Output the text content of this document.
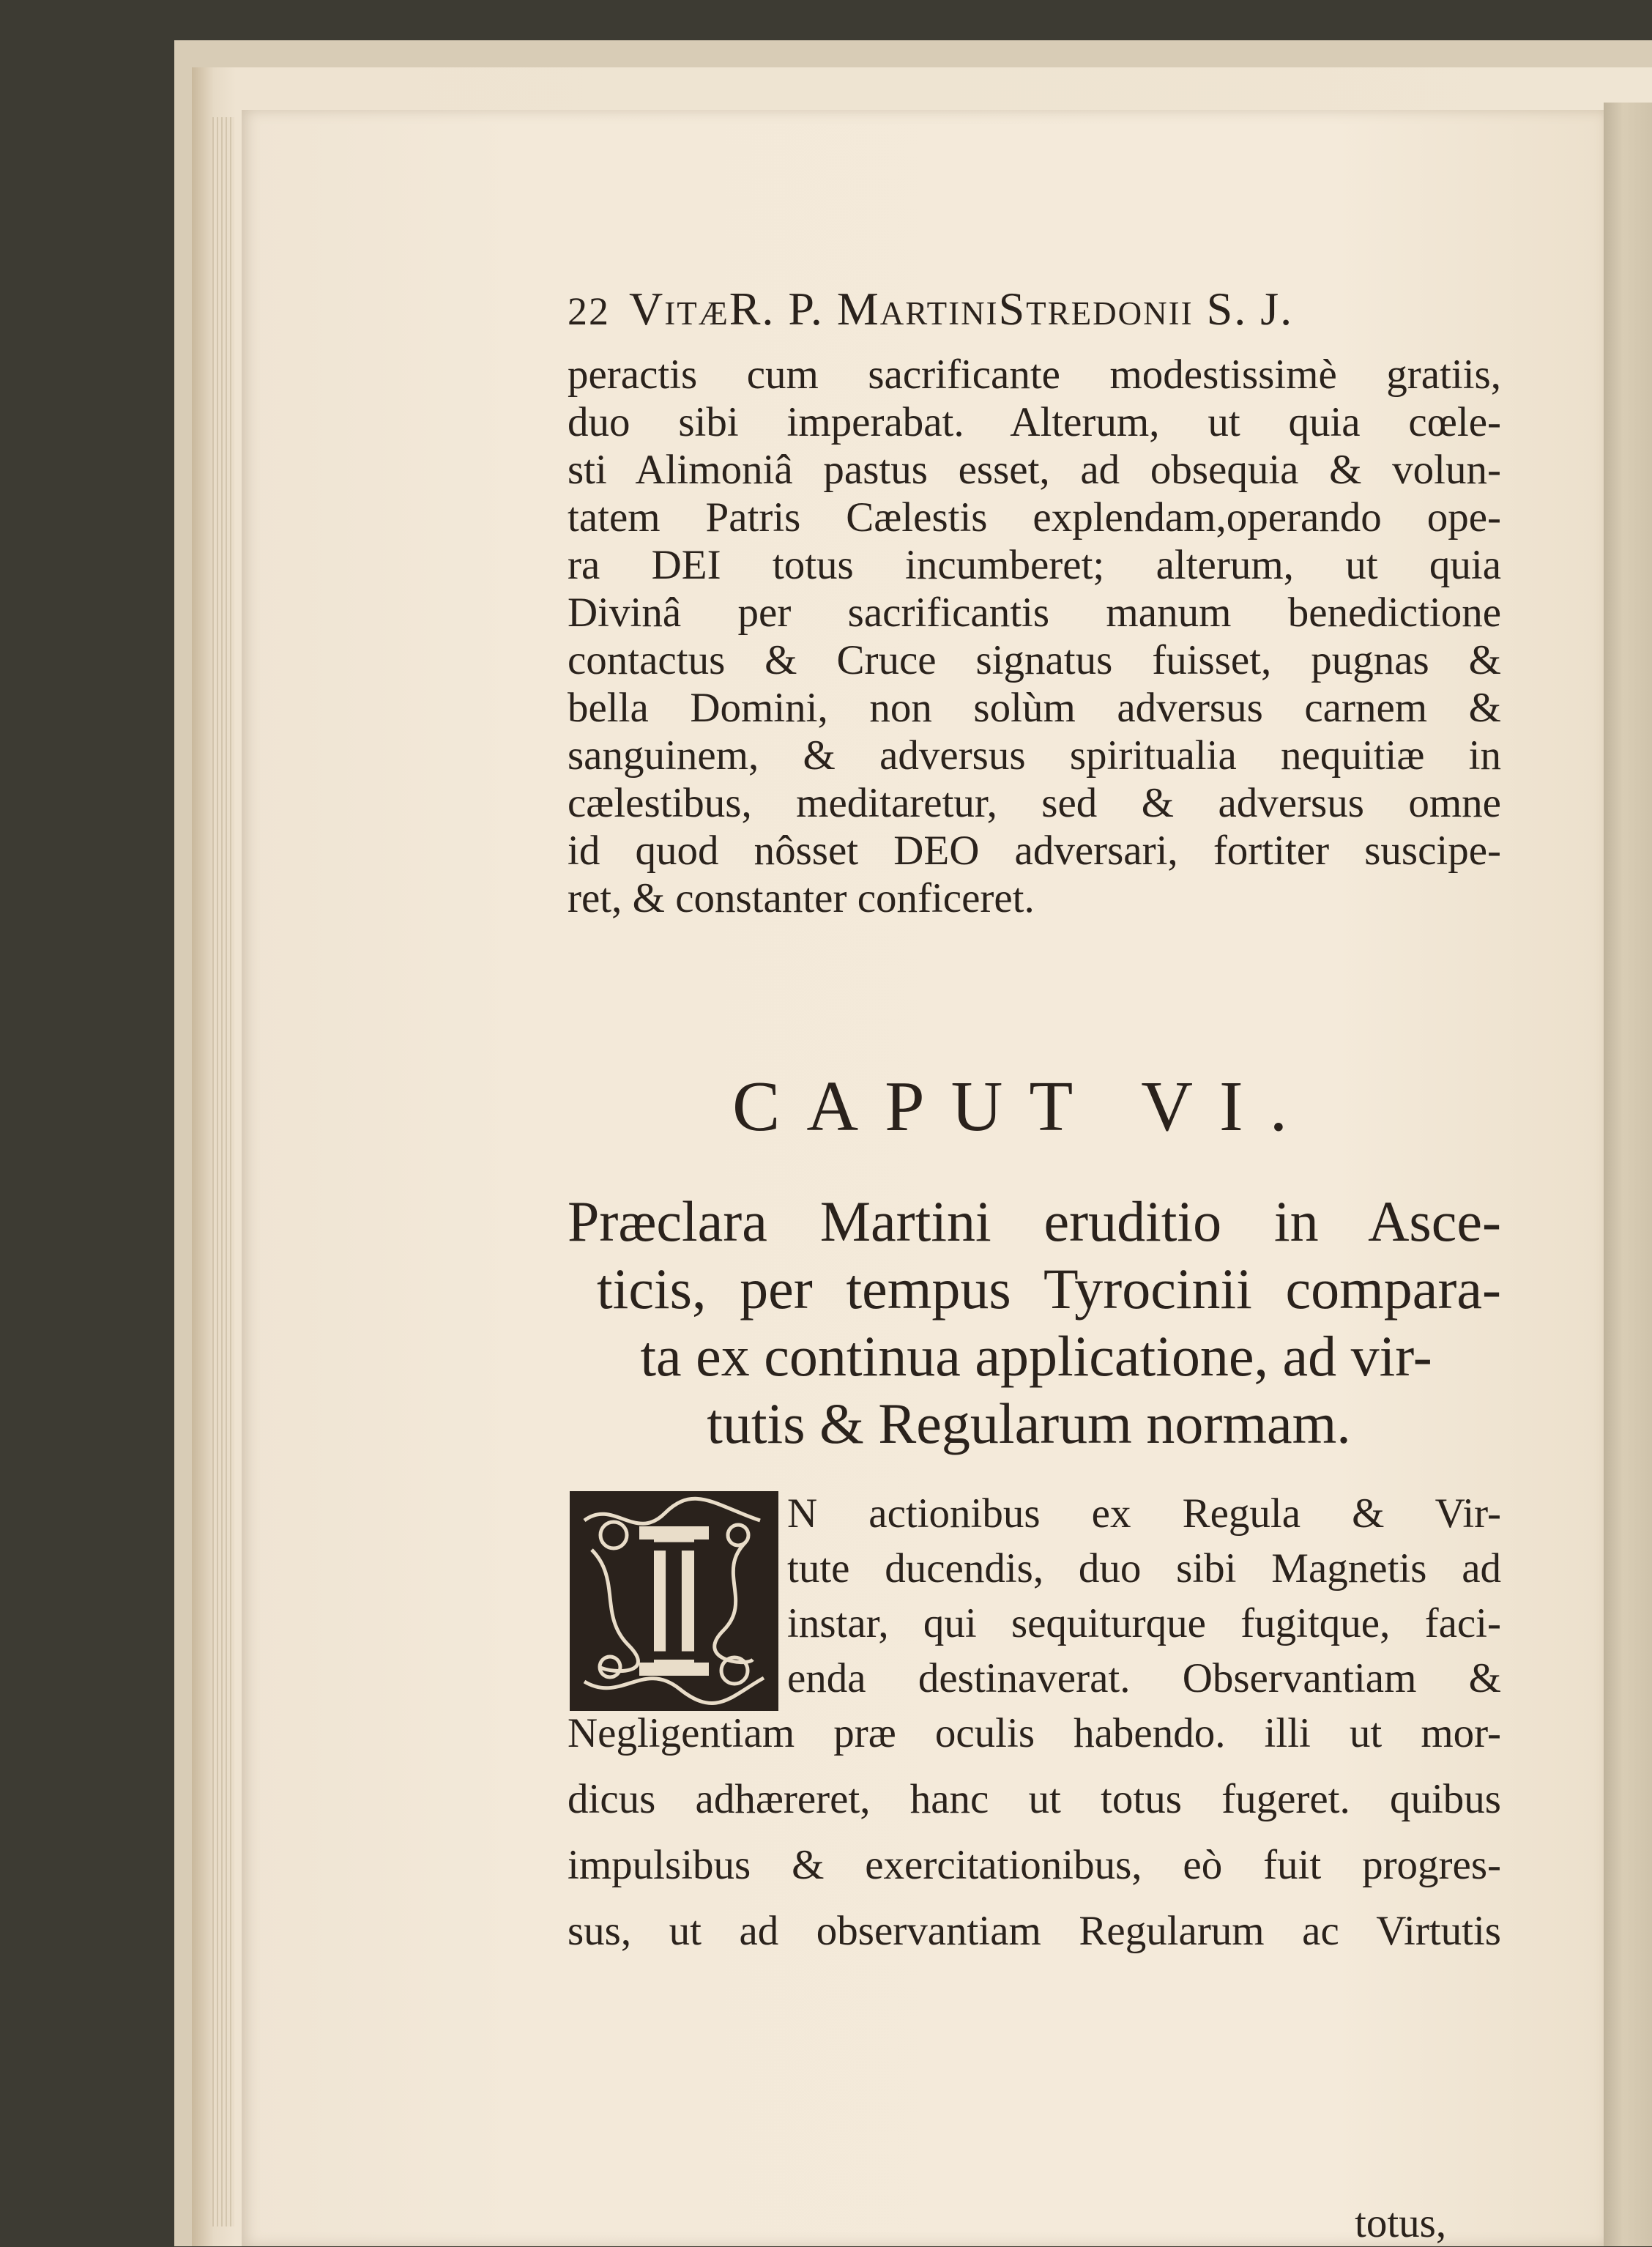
22 VitæR. P. MartiniStredonii S. J.
peractis cum sacrificante modestissimè gratiis,
duo sibi imperabat. Alterum, ut quia cœle-
sti Alimoniâ pastus esset, ad obsequia & volun-
tatem Patris Cælestis explendam,operando ope-
ra DEI totus incumberet; alterum, ut quia
Divinâ per sacrificantis manum benedictione
contactus & Cruce signatus fuisset, pugnas &
bella Domini, non solùm adversus carnem &
sanguinem, & adversus spiritualia nequitiæ in
cælestibus, meditaretur, sed & adversus omne
id quod nôsset DEO adversari, fortiter suscipe-
ret, & constanter conficeret.
CAPUT VI.
Præclara Martini eruditio in Asce-
ticis, per tempus Tyrocinii compara-
ta ex continua applicatione, ad vir-
tutis & Regularum normam.
I N actionibus ex Regula & Vir-
tute ducendis, duo sibi Magnetis ad
instar, qui sequiturque fugitque, faci-
enda destinaverat. Observantiam &
Negligentiam præ oculis habendo. illi ut mor-
dicus adhæreret, hanc ut totus fugeret. quibus
impulsibus & exercitationibus, eò fuit progres-
sus, ut ad observantiam Regularum ac Virtutis
totus,
